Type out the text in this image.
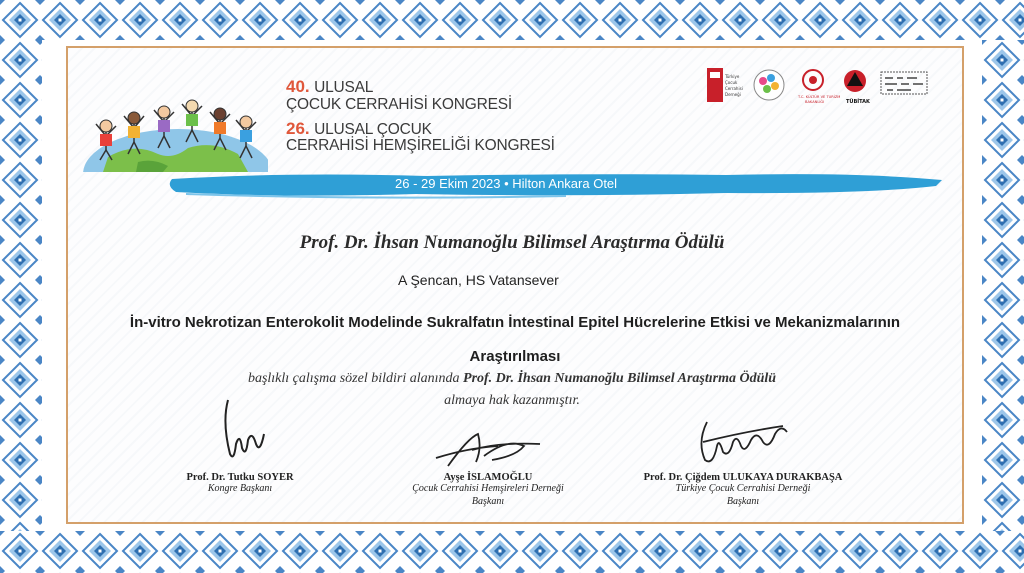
40. ULUSAL
ÇOCUK CERRAHİSİ KONGRESİ
26. ULUSAL ÇOCUK
CERRAHİSİ HEMŞİRELİĞİ KONGRESİ
Türkiye
Çocuk
Cerrahisi
Derneği	T.C. KÜLTÜR VE TURİZM
BAKANLIĞI	TÜBİTAK
26 - 29 Ekim 2023 • Hilton Ankara Otel
Prof. Dr. İhsan Numanoğlu Bilimsel Araştırma Ödülü
A Şencan, HS Vatansever
İn-vitro Nekrotizan Enterokolit Modelinde Sukralfatın İntestinal Epitel Hücrelerine Etkisi ve Mekanizmalarının
Araştırılması
başlıklı çalışma sözel bildiri alanında Prof. Dr. İhsan Numanoğlu Bilimsel Araştırma Ödülü
almaya hak kazanmıştır.
Prof. Dr. Tutku SOYER
Kongre Başkanı
Ayşe İSLAMOĞLU
Çocuk Cerrahisi Hemşireleri Derneği
Başkanı
Prof. Dr. Çiğdem ULUKAYA DURAKBAŞA
Türkiye Çocuk Cerrahisi Derneği
Başkanı
